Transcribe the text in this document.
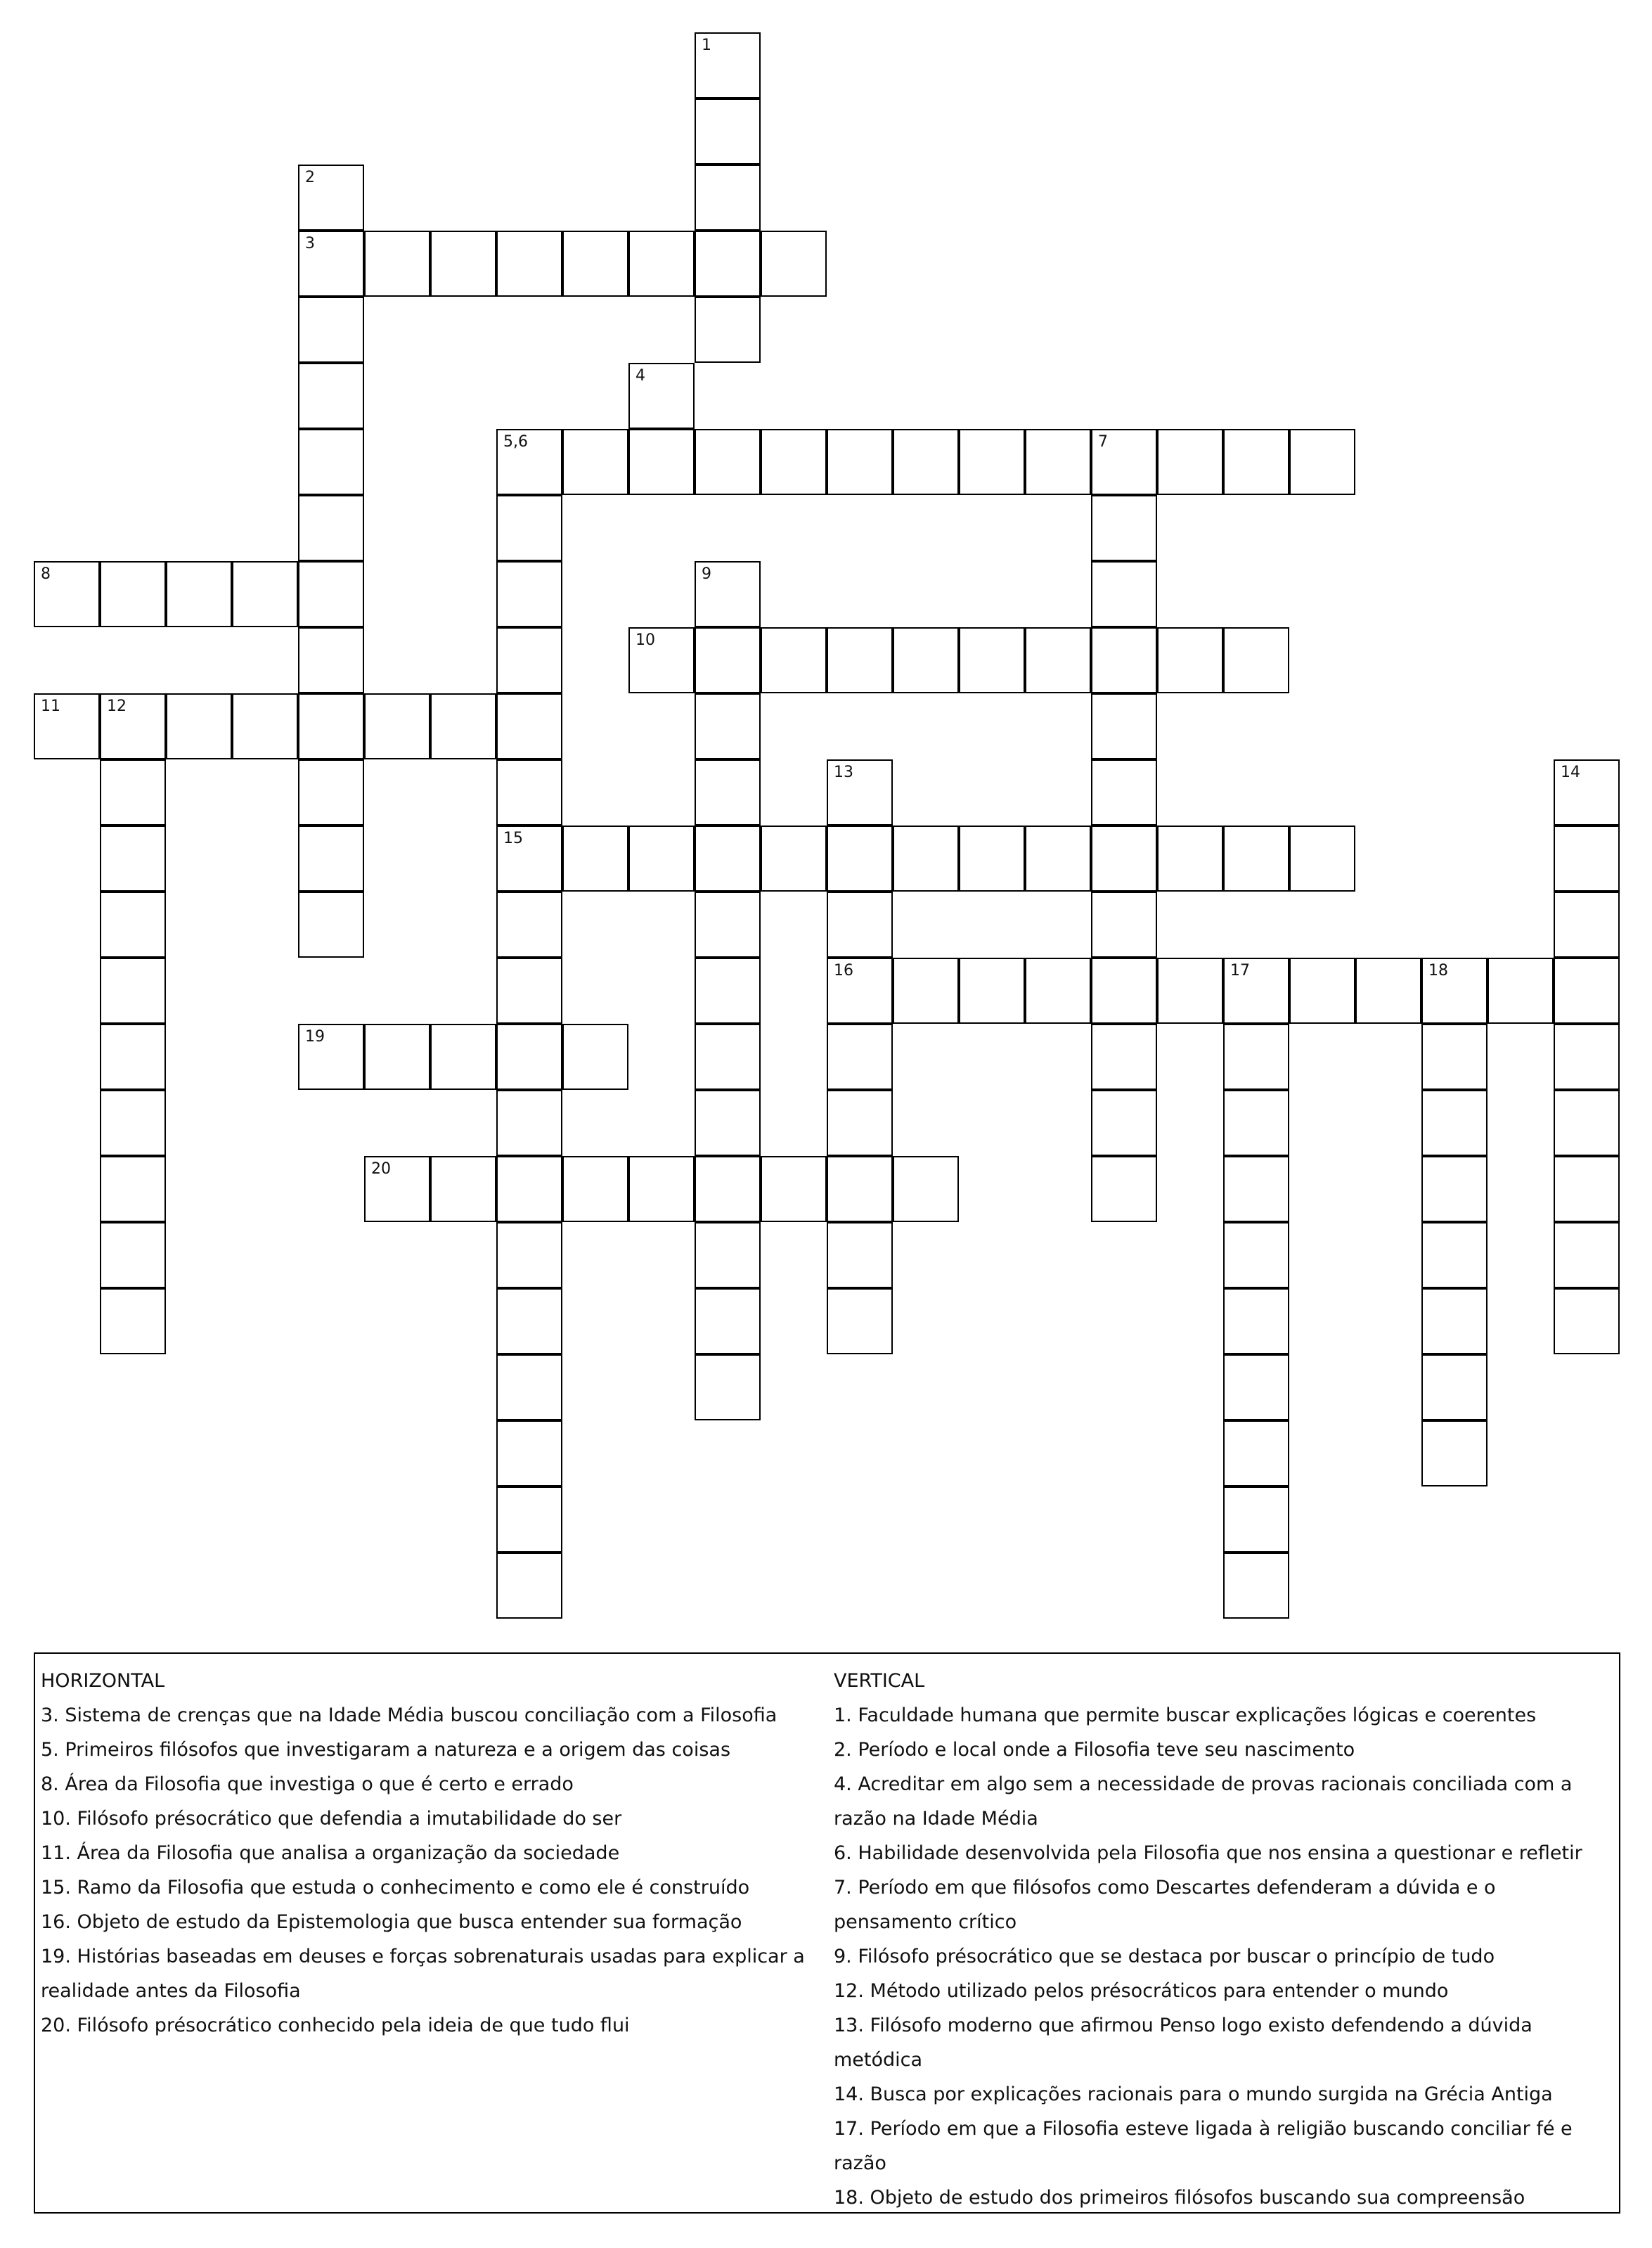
1
2
3
4
5,6	7
15
8	9
10
11	12
13
16
14
17	18
19
20
HORIZONTAL
3. Sistema de crenças que na Idade Média buscou conciliação com a Filosofia
5. Primeiros filósofos que investigaram a natureza e a origem das coisas
8. Área da Filosofia que investiga o que é certo e errado
10. Filósofo présocrático que defendia a imutabilidade do ser
11. Área da Filosofia que analisa a organização da sociedade
15. Ramo da Filosofia que estuda o conhecimento e como ele é construído
16. Objeto de estudo da Epistemologia que busca entender sua formação
19. Histórias baseadas em deuses e forças sobrenaturais usadas para explicar a realidade antes da Filosofia
20. Filósofo présocrático conhecido pela ideia de que tudo flui
VERTICAL
1. Faculdade humana que permite buscar explicações lógicas e coerentes
2. Período e local onde a Filosofia teve seu nascimento
4. Acreditar em algo sem a necessidade de provas racionais conciliada com a razão na Idade Média
6. Habilidade desenvolvida pela Filosofia que nos ensina a questionar e refletir
7. Período em que filósofos como Descartes defenderam a dúvida e o pensamento crítico
9. Filósofo présocrático que se destaca por buscar o princípio de tudo
12. Método utilizado pelos présocráticos para entender o mundo
13. Filósofo moderno que afirmou Penso logo existo defendendo a dúvida metódica
14. Busca por explicações racionais para o mundo surgida na Grécia Antiga
17. Período em que a Filosofia esteve ligada à religião buscando conciliar fé e razão
18. Objeto de estudo dos primeiros filósofos buscando sua compreensão
